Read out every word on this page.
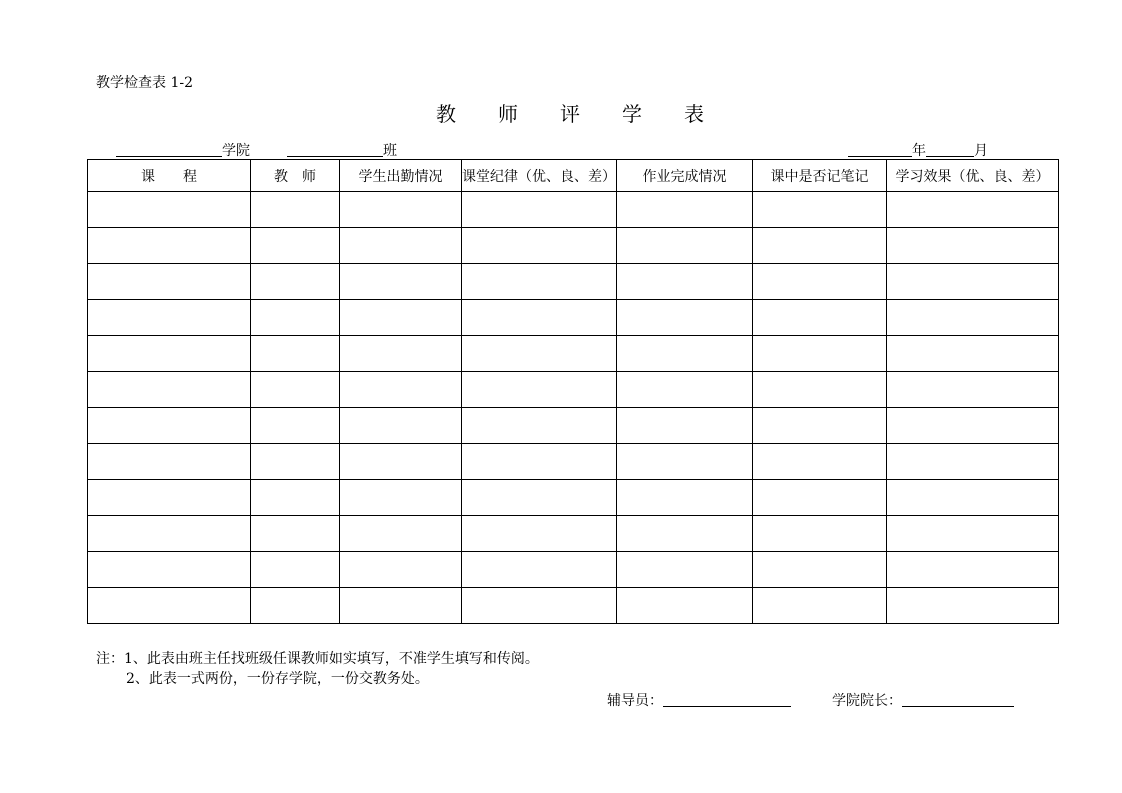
教学检查表 1-2
教师评学表
学院	班	年	月
课　　程	教　师	学生出勤情况	课堂纪律（优、良、差）	作业完成情况	课中是否记笔记	学习效果（优、良、差）

注：1、此表由班主任找班级任课教师如实填写，不准学生填写和传阅。
2、此表一式两份，一份存学院，一份交教务处。
辅导员：	学院院长：
